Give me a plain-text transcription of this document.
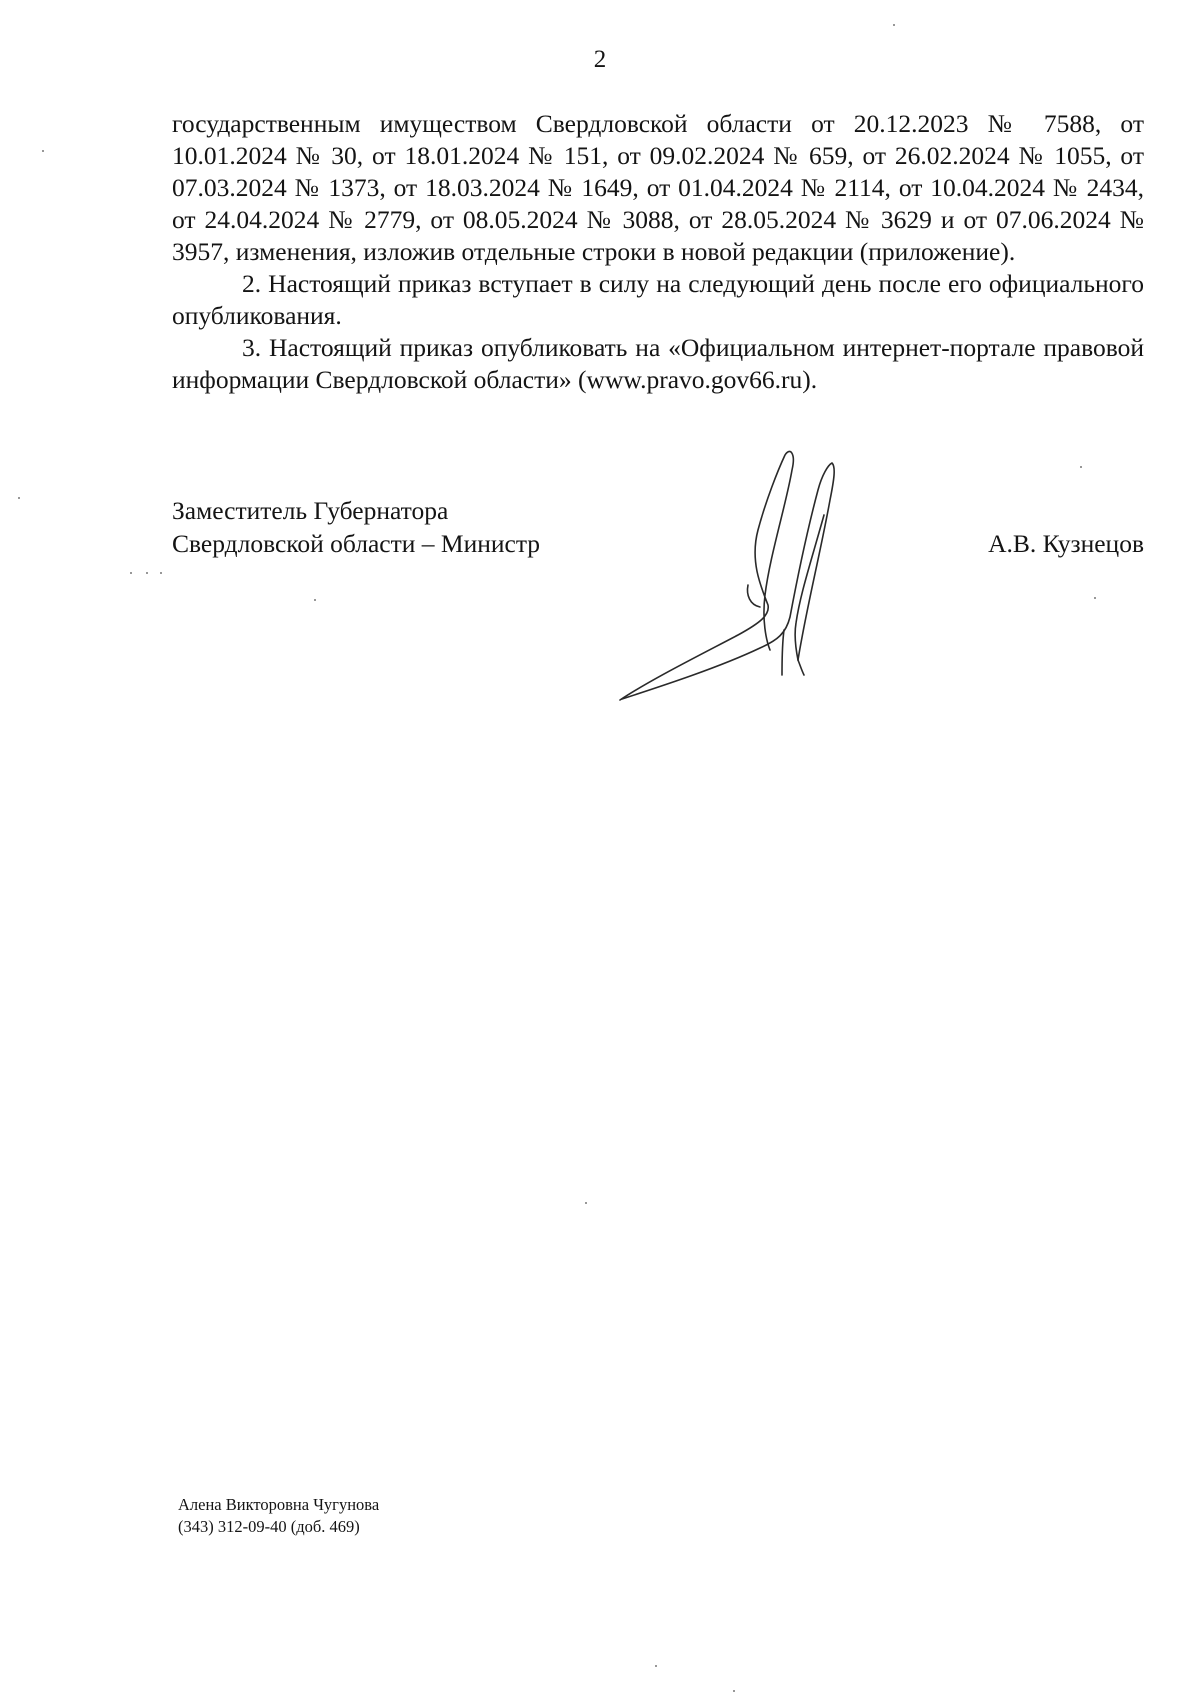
2

государственным имуществом Свердловской области от 20.12.2023 № 7588, от 10.01.2024 № 30, от 18.01.2024 № 151, от 09.02.2024 № 659, от 26.02.2024 № 1055, от 07.03.2024 № 1373, от 18.03.2024 № 1649, от 01.04.2024 № 2114, от 10.04.2024 № 2434, от 24.04.2024 № 2779, от 08.05.2024 № 3088, от 28.05.2024 № 3629 и от 07.06.2024 № 3957, изменения, изложив отдельные строки в новой редакции (приложение).

2. Настоящий приказ вступает в силу на следующий день после его официального опубликования.

3. Настоящий приказ опубликовать на «Официальном интернет-портале правовой информации Свердловской области» (www.pravo.gov66.ru).

Заместитель Губернатора
Свердловской области – Министр	А.В. Кузнецов
Алена Викторовна Чугунова
(343) 312-09-40 (доб. 469)
